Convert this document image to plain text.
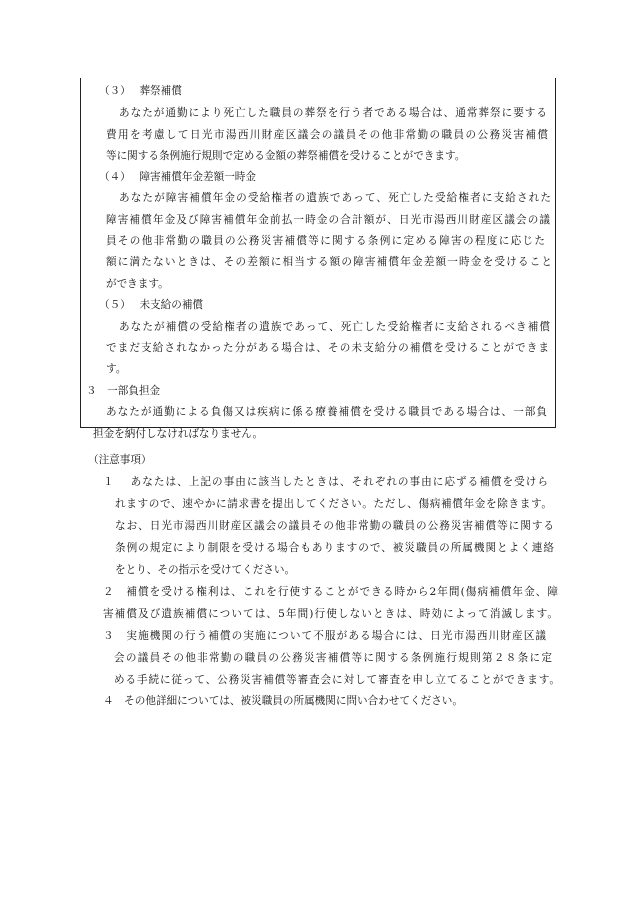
（３）　 葬祭補償
あなたが通勤により死亡した職員の葬祭を行う者である場合は、通常葬祭に要する
費用を考慮して日光市湯西川財産区議会の議員その他非常勤の職員の公務災害補償
等に関する条例施行規則で定める金額の葬祭補償を受けることができます。
（４）　 障害補償年金差額一時金
あなたが障害補償年金の受給権者の遺族であって、死亡した受給権者に支給された
障害補償年金及び障害補償年金前払一時金の合計額が、日光市湯西川財産区議会の議
員その他非常勤の職員の公務災害補償等に関する条例に定める障害の程度に応じた
額に満たないときは、その差額に相当する額の障害補償年金差額一時金を受けること
ができます。
（５）　 未支給の補償
あなたが補償の受給権者の遺族であって、死亡した受給権者に支給されるべき補償
でまだ支給されなかった分がある場合は、その未支給分の補償を受けることができま
す。
３　一部負担金
あなたが通勤による負傷又は疾病に係る療養補償を受ける職員である場合は、一部負
担金を納付しなければなりません。
（注意事項）
１　 あなたは、上記の事由に該当したときは、それぞれの事由に応ずる補償を受けら
れますので、速やかに請求書を提出してください。ただし、傷病補償年金を除きます。
なお、日光市湯西川財産区議会の議員その他非常勤の職員の公務災害補償等に関する
条例の規定により制限を受ける場合もありますので、被災職員の所属機関とよく連絡
をとり、その指示を受けてください。
２　補償を受ける権利は、これを行使することができる時から2年間(傷病補償年金、障
害補償及び遺族補償については、5年間)行使しないときは、時効によって消滅します。
３　実施機関の行う補償の実施について不服がある場合には、日光市湯西川財産区議
会の議員その他非常勤の職員の公務災害補償等に関する条例施行規則第２８条に定
める手続に従って、公務災害補償等審査会に対して審査を申し立てることができます。
４　その他詳細については、被災職員の所属機関に問い合わせてください。
